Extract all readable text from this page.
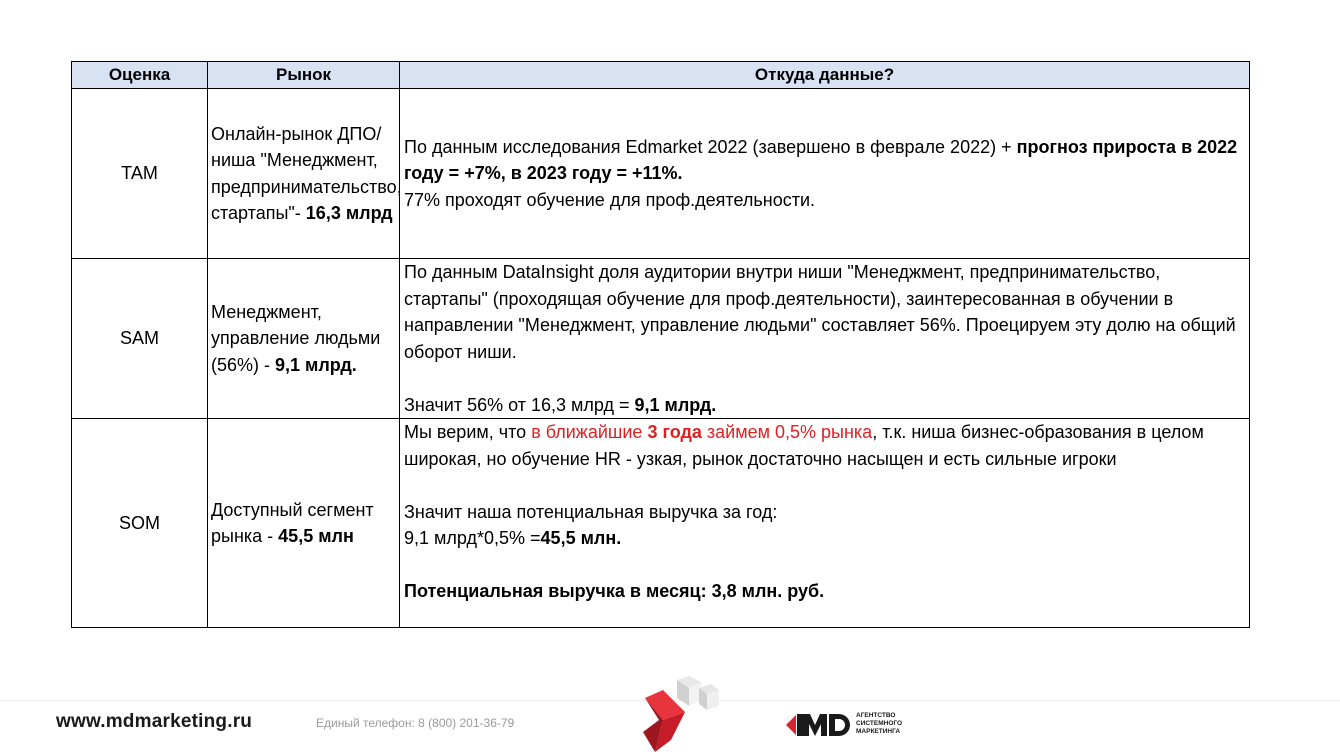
Оценка	Рынок	Откуда данные?
TAM	Онлайн-рынок ДПО/ ниша "Менеджмент, предпринимательство, стартапы"- 16,3 млрд	По данным исследования Edmarket 2022 (завершено в феврале 2022) + прогноз прироста в 2022 году = +7%, в 2023 году = +11%.
77% проходят обучение для проф.деятельности.

SAM	Менеджмент, управление людьми (56%) - 9,1 млрд.	По данным DataInsight доля аудитории внутри ниши "Менеджмент, предпринимательство, стартапы" (проходящая обучение для проф.деятельности), заинтересованная в обучении в направлении "Менеджмент, управление людьми" составляет 56%. Проецируем эту долю на общий оборот ниши.
Значит 56% от 16,3 млрд = 9,1 млрд.

SOM	Доступный сегмент рынка - 45,5 млн	Мы верим, что в ближайшие 3 года займем 0,5% рынка, т.к. ниша бизнес-образования в целом широкая, но обучение HR - узкая, рынок достаточно насыщен и есть сильные игроки
Значит наша потенциальная выручка за год:
9,1 млрд*0,5% =45,5 млн.
Потенциальная выручка в месяц: 3,8 млн. руб.
www.mdmarketing.ru	Единый телефон: 8 (800) 201-36-79
АГЕНТСТВО СИСТЕМНОГО МАРКЕТИНГА
